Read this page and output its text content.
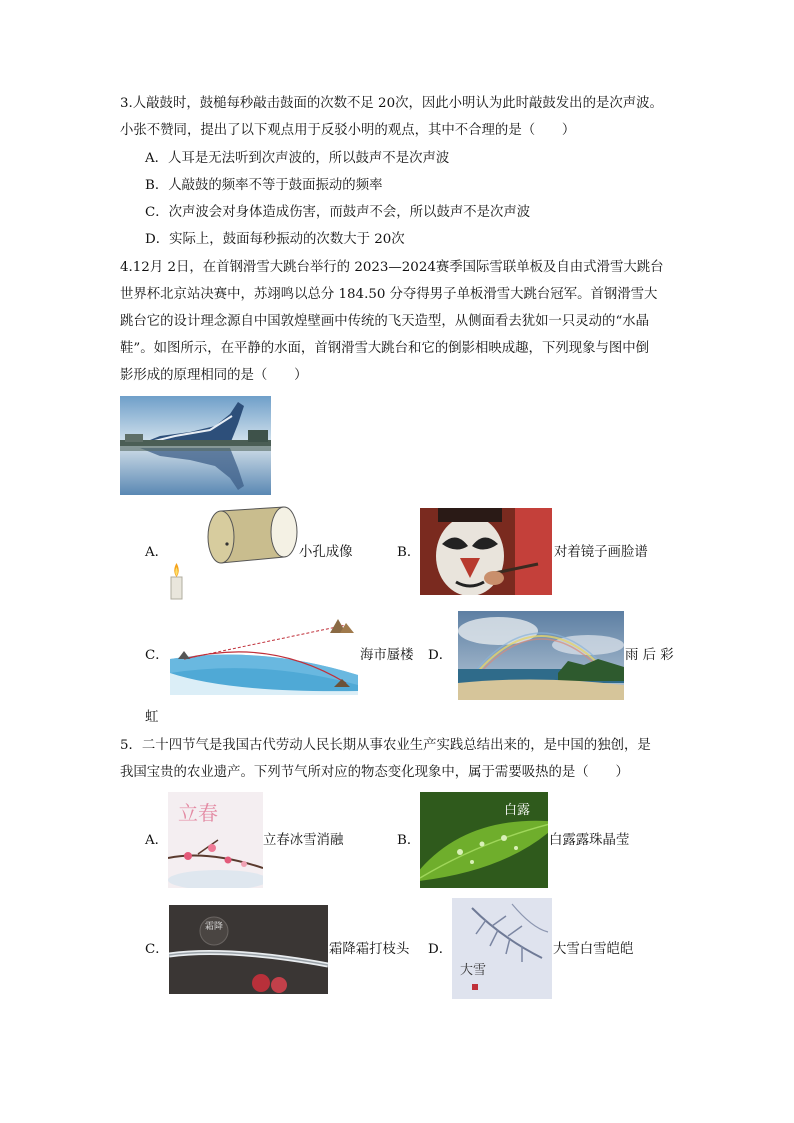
3.人敲鼓时，鼓槌每秒敲击鼓面的次数不足 20次，因此小明认为此时敲鼓发出的是次声波。
小张不赞同，提出了以下观点用于反驳小明的观点，其中不合理的是（　　）
A．人耳是无法听到次声波的，所以鼓声不是次声波
B．人敲鼓的频率不等于鼓面振动的频率
C．次声波会对身体造成伤害，而鼓声不会，所以鼓声不是次声波
D．实际上，鼓面每秒振动的次数大于 20次
4.12月 2日，在首钢滑雪大跳台举行的 2023—2024赛季国际雪联单板及自由式滑雪大跳台
世界杯北京站决赛中，苏翊鸣以总分 184.50 分夺得男子单板滑雪大跳台冠军。首钢滑雪大
跳台它的设计理念源自中国敦煌壁画中传统的飞天造型，从侧面看去犹如一只灵动的“水晶
鞋”。如图所示，在平静的水面，首钢滑雪大跳台和它的倒影相映成趣，下列现象与图中倒
影形成的原理相同的是（　　）
A．	小孔成像	B．	对着镜子画脸谱
C．	海市蜃楼 D．	雨 后 彩
虹
5．二十四节气是我国古代劳动人民长期从事农业生产实践总结出来的，是中国的独创，是
我国宝贵的农业遗产。下列节气所对应的物态变化现象中，属于需要吸热的是（　　）
A．
立春
立春冰雪消融	B．
白露
白露露珠晶莹
C．
霜降
霜降霜打枝头 D．
大雪
大雪白雪皑皑
